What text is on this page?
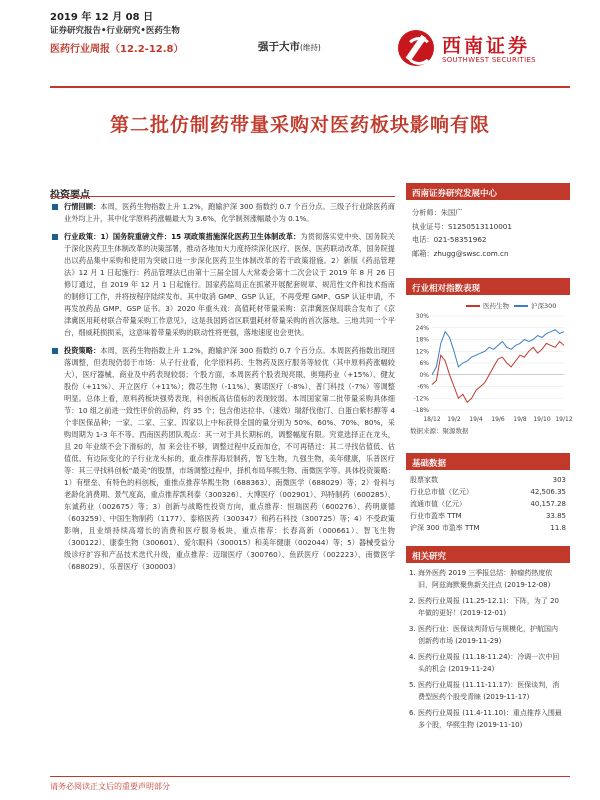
2019 年 12 月 08 日
证券研究报告•行业研究•医药生物
医药行业周报（12.2-12.8）	强于大市(维持)	西南证券
SOUTHWEST SECURITIES
第二批仿制药带量采购对医药板块影响有限
行情回顾：本周，医药生物指数上升 1.2%，跑输沪深 300 指数约 0.7 个百分点。三级子行业除医药商业外均上升，其中化学原料药涨幅最大为 3.6%，化学制剂涨幅最小为 0.1%。
行业政策：1）国务院重磅文件：15 项政策措施深化医药卫生体制改革：为贯彻落实党中央、国务院关于深化医药卫生体制改革的决策部署，推动各地加大力度持续深化医疗、医保、医药联动改革，国务院提出以药品集中采购和使用为突破口进一步深化医药卫生体制改革的若干政策措施。2）新版《药品管理法》12 月 1 日起施行：药品管理法已由第十三届全国人大常委会第十二次会议于 2019 年 8 月 26 日修订通过，自 2019 年 12 月 1 日起施行。国家药监局正在抓紧开展配套规章、规范性文件和技术指南的制修订工作，并将按程序陆续发布。其中取消 GMP、GSP 认证，不再受理 GMP、GSP 认证申请，不再发放药品 GMP、GSP 证书。3）2020 年重头戏：高值耗材带量采购：京津冀医保局联合发布了《京津冀医用耗材联合带量采购工作意见》，这是我国跨省区联盟耗材带量采购的首次落地。三地共同一个平台，细威耗损损采，这意味着带量采购的联动性将更强，落地速度也会更快。
投资策略：本周，医药生物指数上升 1.2%，跑输沪深 300 指数约 0.7 个百分点。本周医药指数出现回落调整，但表现仍弱于市场：从子行业看，化学原料药、生物药及医疗服务等较优（其中原料药涨幅较大），医疗器械、商业及中药表现较弱；个股方面，本周医药个股表现亮眼，奥翔药业（+15%）、健友股份（+11%）、开立医疗（+11%）；微芯生物（-11%）、赛诺医疗（-8%）、普门科技（-7%）等调整明显。总体上看，原料药板块强势表现，科创板高估值标的表现较弱。本周国家第二批带量采购具体细节：10 组之前进一致性评价的品种，约 35 个；包含他达拉非、（速效）瑞舒伐他汀、白蛋白紫杉醇等 4 个非医保品种；一家、二家、三家、四家以上中标获得全国的量分别为 50%、60%、70%、80%，采购周期为 1-3 年不等。西南医药团队观点：其一对于具长期标的，调整幅度有限。究竟选择正在龙头，且 20 年业绩不会下滑标的，加 来会往不够，调整过程中反而加仓，不可再错过：其二寻找估值低、估值低、有边际变化的子行业龙头标的，重点推荐海辰制药，智飞生物，九强生物，美年健康，乐普医疗等：其三寻找科创板“最美”的股票，市场调整过程中，择机布局华熙生物、南微医学等。具体投资策略：1）有壁垒、有特色的科创板，重推点推荐华熙生物（688363）、南微医学（688029）等；2）骨科与老龄化消费期、景气度高，重点推荐凯利泰（300326）、大博医疗（002901）、玛特制药（600285）、东诚药业（002675）等；3）创新与战略性投资方向，重点推荐：恒瑞医药（600276）、药明康德（603259）、中国生物制药（1177）、泰格医药（300347）和药石科技（300725）等；4）不受政策影响，且业绩持续高增长的消费和医疗服务板块，重点推荐：长春高新（000661）、智飞生物（300122）、康泰生物（300601）、爱尔眼科（300015）和美年健康（002044）等；5）器械受益分级诊疗扩容和产品技术迭代升级，重点推荐：迈瑞医疗（300760）、鱼跃医疗（002223）、南微医学（688029）、乐普医疗（300003）
西南证券研究发展中心
分析师：朱国广
执业证号：S1250513110001
电话：021-58351962
邮箱：zhugg@swsc.com.cn
行业相对指数表现
医药生物	沪深300
30%
24%
18%
12%
6%
0%
-6%
-12%
-18%
18/12 19/2 19/4 19/6 19/8 19/10 19/12
数据来源：聚源数据
基础数据
股票家数	303
行业总市值（亿元）	42,506.35
流通市值（亿元）	40,157.28
行业市盈率 TTM	33.85
沪深 300 市盈率 TTM	11.8
相关研究
1. 海外医药 2019 三季报总结：肿瘤药热度依旧，阿兹海默聚焦新关注点 (2019-12-08)
2. 医药行业周报 (11.25-12.1)：下阵，为了 20 年做的更好！(2019-12-01)
3. 医药行业：医保谈判背后与规模化，护航国内创新药市场 (2019-11-29)
4. 医药行业周报 (11.18-11.24)：冷调一次中回头的机会 (2019-11-24)
5. 医药行业周报 (11.11-11.17)：医保谈判，消费型医药个股受青睐 (2019-11-17)
6. 医药行业周报 (11.4-11.10)：重点推荐入围最多个股，华熙生物 (2019-11-10)
请务必阅读正文后的重要声明部分
